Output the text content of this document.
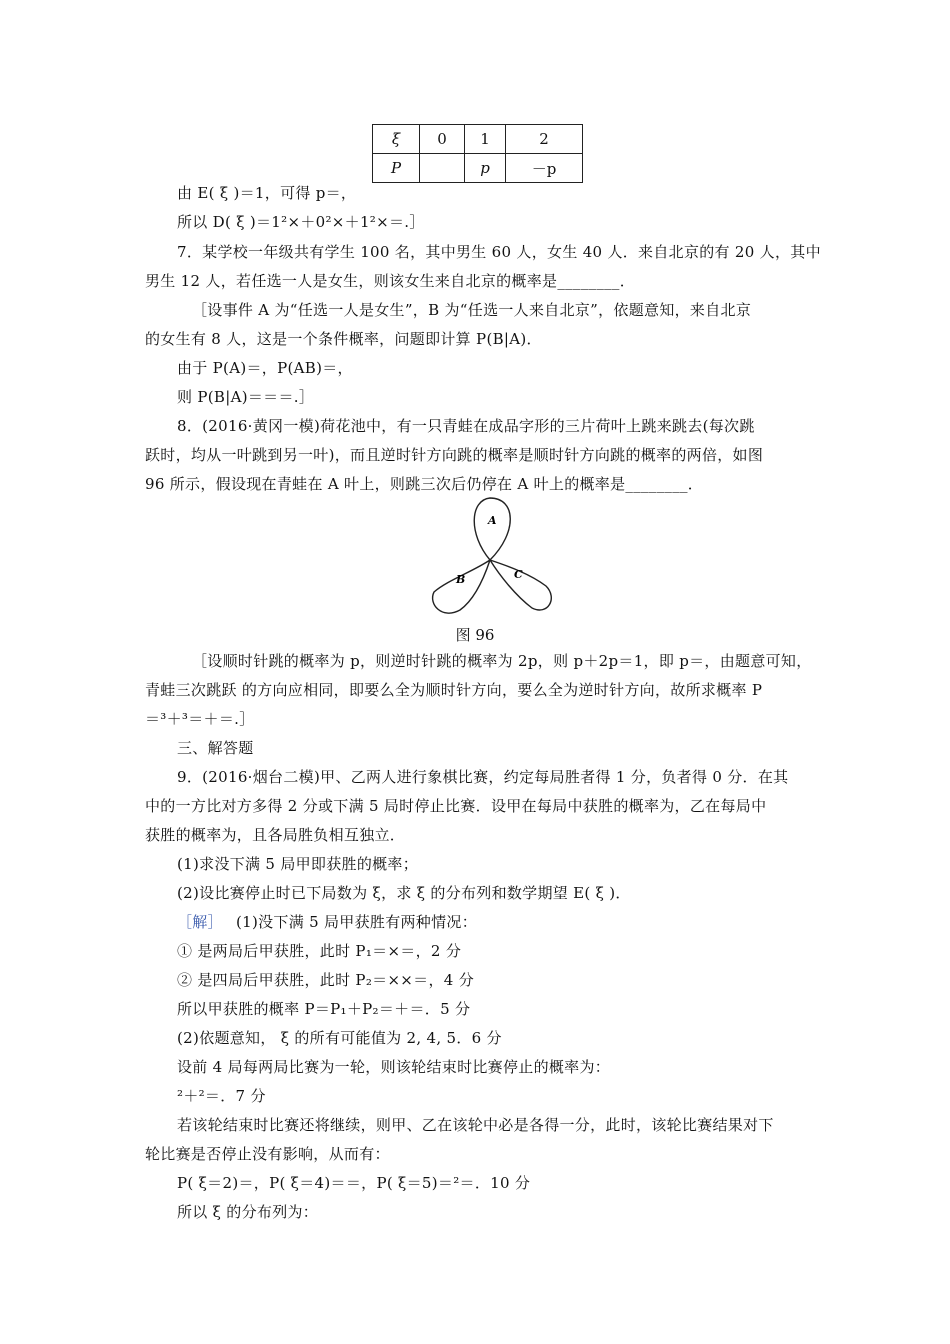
ξ	0	1	2
P		p	－p
由 E( ξ )＝1，可得 p＝，
所以 D( ξ )＝1²×＋0²×＋1²×＝.］
7．某学校一年级共有学生 100 名，其中男生 60 人，女生 40 人．来自北京的有 20 人，其中
男生 12 人，若任选一人是女生，则该女生来自北京的概率是________．
［设事件 A 为“任选一人是女生”，B 为“任选一人来自北京”，依题意知，来自北京
的女生有 8 人，这是一个条件概率，问题即计算 P(B|A)．
由于 P(A)＝，P(AB)＝，
则 P(B|A)＝＝＝.］
8．(2016·黄冈一模)荷花池中，有一只青蛙在成品字形的三片荷叶上跳来跳去(每次跳
跃时，均从一叶跳到另一叶)，而且逆时针方向跳的概率是顺时针方向跳的概率的两倍，如图
96 所示，假设现在青蛙在 A 叶上，则跳三次后仍停在 A 叶上的概率是________．
A
B	C
图 96
［设顺时针跳的概率为 p，则逆时针跳的概率为 2p，则 p＋2p＝1，即 p＝，由题意可知，
青蛙三次跳跃 的方向应相同，即要么全为顺时针方向，要么全为逆时针方向，故所求概率 P
＝³＋³＝＋＝.］
三、解答题
9．(2016·烟台二模)甲、乙两人进行象棋比赛，约定每局胜者得 1 分，负者得 0 分．在其
中的一方比对方多得 2 分或下满 5 局时停止比赛．设甲在每局中获胜的概率为，乙在每局中
获胜的概率为，且各局胜负相互独立．
(1)求没下满 5 局甲即获胜的概率；
(2)设比赛停止时已下局数为 ξ，求 ξ 的分布列和数学期望 E( ξ )．
［解］ (1)没下满 5 局甲获胜有两种情况：
① 是两局后甲获胜，此时 P₁＝×＝，2 分
② 是四局后甲获胜，此时 P₂＝××＝，4 分
所以甲获胜的概率 P＝P₁＋P₂＝＋＝．5 分
(2)依题意知， ξ 的所有可能值为 2, 4, 5．6 分
设前 4 局每两局比赛为一轮，则该轮结束时比赛停止的概率为：
²＋²＝．7 分
若该轮结束时比赛还将继续，则甲、乙在该轮中必是各得一分，此时，该轮比赛结果对下
轮比赛是否停止没有影响，从而有：
P( ξ＝2)＝，P( ξ＝4)＝＝，P( ξ＝5)＝²＝．10 分
所以 ξ 的分布列为：
